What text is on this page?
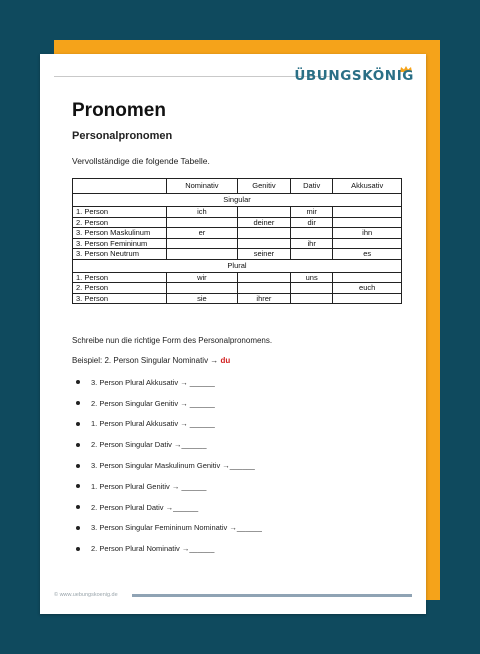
ÜBUNGSKÖNIG
Pronomen
Personalpronomen
Vervollständige die folgende Tabelle.
	Nominativ	Genitiv	Dativ	Akkusativ
Singular				
1. Person	ich		mir	
2. Person		deiner	dir	
3. Person Maskulinum	er			ihn
3. Person Femininum			ihr	
3. Person Neutrum		seiner		es
Plural				
1. Person	wir		uns	
2. Person				euch
3. Person	sie	ihrer		
Schreibe nun die richtige Form des Personalpronomens.
Beispiel: 2. Person Singular Nominativ → du
3. Person Plural Akkusativ → ______
2. Person Singular Genitiv → ______
1. Person Plural Akkusativ → ______
2. Person Singular Dativ →______
3. Person Singular Maskulinum Genitiv →______
1. Person Plural Genitiv → ______
2. Person Plural Dativ →______
3. Person Singular Femininum Nominativ →______
2. Person Plural Nominativ →______
© www.uebungskoenig.de
